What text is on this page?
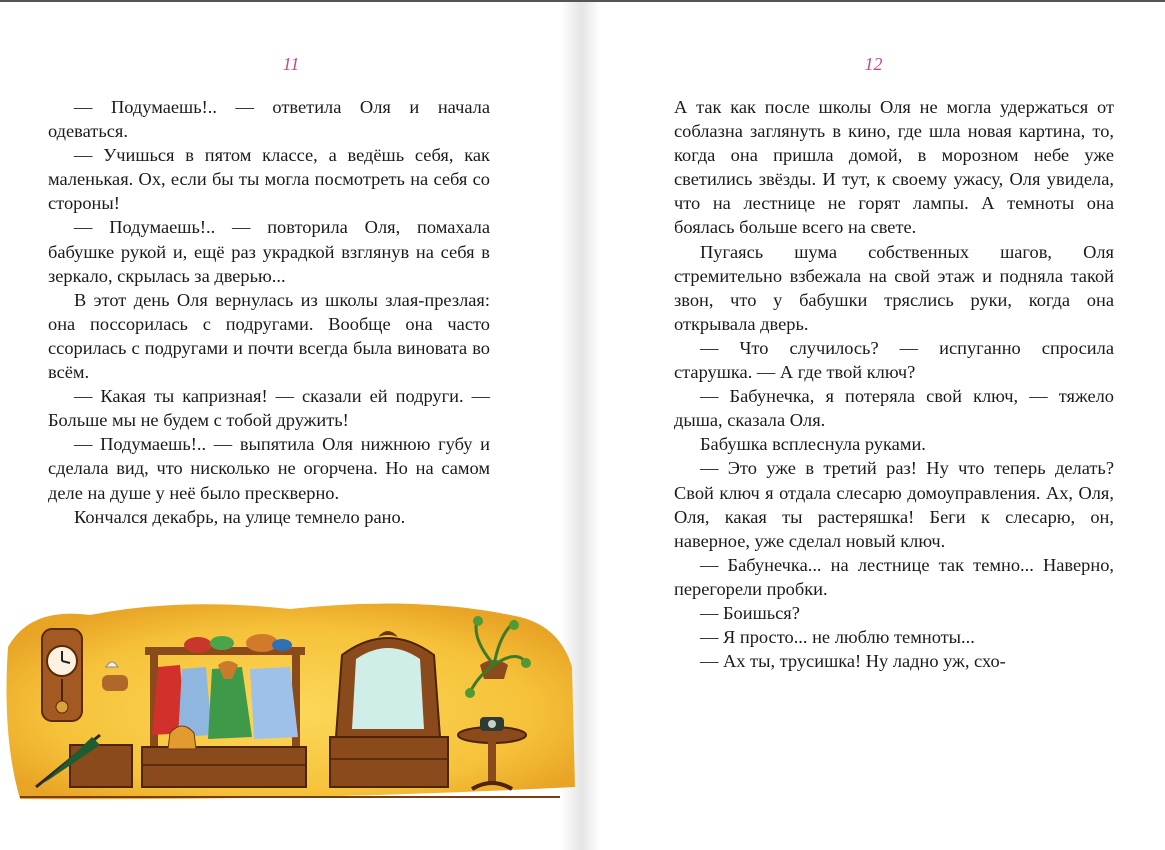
11

— Подумаешь!.. — ответила Оля и начала одеваться.

— Учишься в пятом классе, а ведёшь себя, как маленькая. Ох, если бы ты могла посмотреть на себя со стороны!

— Подумаешь!.. — повторила Оля, помахала бабушке рукой и, ещё раз украдкой взглянув на себя в зеркало, скрылась за дверью...

В этот день Оля вернулась из школы злая-презлая: она поссорилась с подругами. Вообще она часто ссорилась с подругами и почти всегда была виновата во всём.

— Какая ты капризная! — сказали ей подруги. — Больше мы не будем с тобой дружить!

— Подумаешь!.. — выпятила Оля нижнюю губу и сделала вид, что нисколько не огорчена. Но на самом деле на душе у неё было прескверно.

Кончался декабрь, на улице темнело рано.

12

А так как после школы Оля не могла удержаться от соблазна заглянуть в кино, где шла новая картина, то, когда она пришла домой, в морозном небе уже светились звёзды. И тут, к своему ужасу, Оля увидела, что на лестнице не горят лампы. А темноты она боялась больше всего на свете.

Пугаясь шума собственных шагов, Оля стремительно взбежала на свой этаж и подняла такой звон, что у бабушки тряслись руки, когда она открывала дверь.

— Что случилось? — испуганно спросила старушка. — А где твой ключ?

— Бабунечка, я потеряла свой ключ, — тяжело дыша, сказала Оля.

Бабушка всплеснула руками.

— Это уже в третий раз! Ну что теперь делать? Свой ключ я отдала слесарю домоуправления. Ах, Оля, Оля, какая ты растеряшка! Беги к слесарю, он, наверное, уже сделал новый ключ.

— Бабунечка... на лестнице так темно... Наверно, перегорели пробки.

— Боишься?

— Я просто... не люблю темноты...

— Ах ты, трусишка! Ну ладно уж, схо-
